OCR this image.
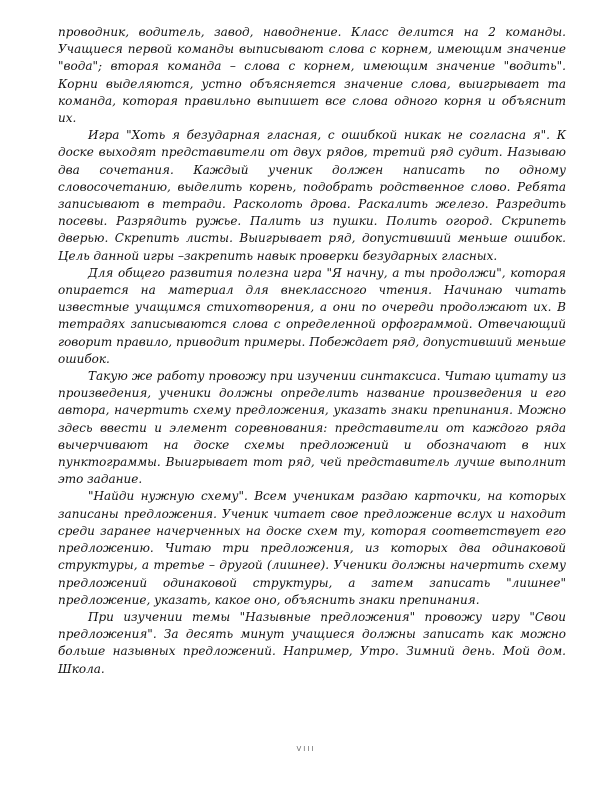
проводник, водитель, завод, наводнение. Класс делится на 2 команды. Учащиеся первой команды выписывают слова с корнем, имеющим значение "вода"; вторая команда – слова с корнем, имеющим значение "водить". Корни выделяются, устно объясняется значение слова, выигрывает та команда, которая правильно выпишет все слова одного корня и объяснит их.

Игра "Хоть я безударная гласная, с ошибкой никак не согласна я". К доске выходят представители от двух рядов, третий ряд судит. Называю два сочетания. Каждый ученик должен написать по одному словосочетанию, выделить корень, подобрать родственное слово. Ребята записывают в тетради. Расколоть дрова. Раскалить железо. Разредить посевы. Разрядить ружье. Палить из пушки. Полить огород. Скрипеть дверью. Скрепить листы. Выигрывает ряд, допустивший меньше ошибок. Цель данной игры –закрепить навык проверки безударных гласных.

Для общего развития полезна игра "Я начну, а ты продолжи", которая опирается на материал для внеклассного чтения. Начинаю читать известные учащимся стихотворения, а они по очереди продолжают их. В тетрадях записываются слова с определенной орфограммой. Отвечающий говорит правило, приводит примеры. Побеждает ряд, допустивший меньше ошибок.

Такую же работу провожу при изучении синтаксиса. Читаю цитату из произведения, ученики должны определить название произведения и его автора, начертить схему предложения, указать знаки препинания. Можно здесь ввести и элемент соревнования: представители от каждого ряда вычерчивают на доске схемы предложений и обозначают в них пунктограммы. Выигрывает тот ряд, чей представитель лучше выполнит это задание.

"Найди нужную схему". Всем ученикам раздаю карточки, на которых записаны предложения. Ученик читает свое предложение вслух и находит среди заранее начерченных на доске схем ту, которая соответствует его предложению. Читаю три предложения, из которых два одинаковой структуры, а третье – другой (лишнее). Ученики должны начертить схему предложений одинаковой структуры, а затем записать "лишнее" предложение, указать, какое оно, объяснить знаки препинания.

При изучении темы "Назывные предложения" провожу игру "Свои предложения". За десять минут учащиеся должны записать как можно больше назывных предложений. Например, Утро. Зимний день. Мой дом. Школа.

VIII
